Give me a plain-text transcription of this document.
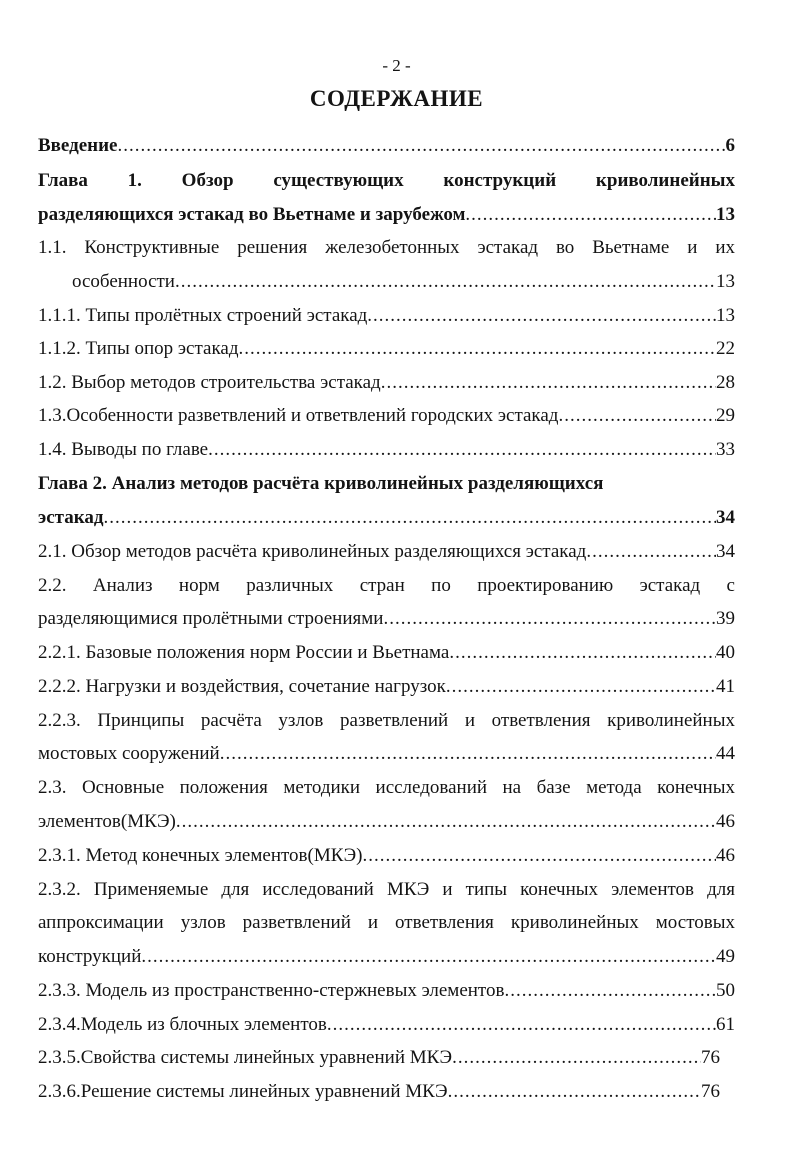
- 2 -
СОДЕРЖАНИЕ
Введение .....	6
Глава 1. Обзор существующих конструкций криволинейных
разделяющихся эстакад во Вьетнаме и зарубежом .....	13
1.1. Конструктивные решения железобетонных эстакад во Вьетнаме и их
особенности .....	13
1.1.1. Типы пролётных строений эстакад .....	13
1.1.2. Типы опор эстакад .....	22
1.2. Выбор методов строительства эстакад .....	28
1.3.Особенности разветвлений и ответвлений городских эстакад .....	29
1.4. Выводы по главе .....	33
Глава 2. Анализ методов расчёта криволинейных разделяющихся
эстакад .....	34
2.1. Обзор методов расчёта криволинейных разделяющихся эстакад .....	34
2.2. Анализ норм различных стран по проектированию эстакад с
разделяющимися пролётными строениями .....	39
2.2.1. Базовые положения норм России и Вьетнама .....	40
2.2.2. Нагрузки и воздействия, сочетание нагрузок .....	41
2.2.3. Принципы расчёта узлов разветвлений и ответвления криволинейных
мостовых сооружений .....	44
2.3. Основные положения методики исследований на базе метода конечных
элементов(МКЭ) .....	46
2.3.1. Метод конечных элементов(МКЭ) .....	46
2.3.2. Применяемые для исследований МКЭ и типы конечных элементов для
аппроксимации узлов разветвлений и ответвления криволинейных мостовых
конструкций .....	49
2.3.3. Модель из пространственно-стержневых элементов .....	50
2.3.4.Модель из блочных элементов .....	61
2.3.5.Свойства системы линейных уравнений МКЭ .....	76
2.3.6.Решение системы линейных уравнений МКЭ .....	76
